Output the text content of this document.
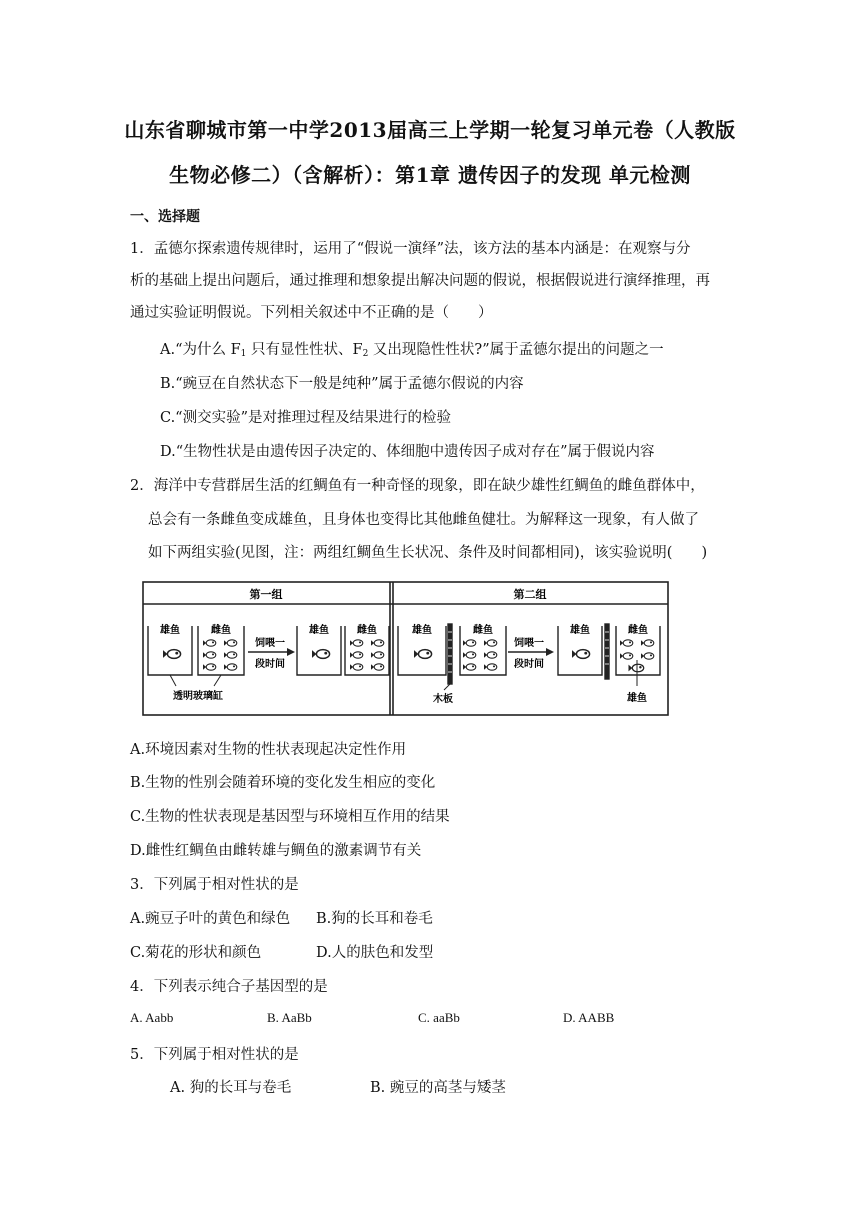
山东省聊城市第一中学2013届高三上学期一轮复习单元卷（人教版
生物必修二）（含解析）：第1章 遗传因子的发现 单元检测
一、选择题
1．孟德尔探索遗传规律时，运用了“假说一演绎”法，该方法的基本内涵是：在观察与分
析的基础上提出问题后，通过推理和想象提出解决问题的假说，根据假说进行演绎推理，再
通过实验证明假说。下列相关叙述中不正确的是（　　）
A.“为什么 $F_1$ 只有显性性状、$F_2$ 又出现隐性性状?”属于孟德尔提出的问题之一
B.“豌豆在自然状态下一般是纯种”属于孟德尔假说的内容
C.“测交实验”是对推理过程及结果进行的检验
D.“生物性状是由遗传因子决定的、体细胞中遗传因子成对存在”属于假说内容
2．海洋中专营群居生活的红鲷鱼有一种奇怪的现象，即在缺少雄性红鲷鱼的雌鱼群体中，
总会有一条雌鱼变成雄鱼，且身体也变得比其他雌鱼健壮。为解释这一现象，有人做了
如下两组实验(见图，注：两组红鲷鱼生长状况、条件及时间都相同)，该实验说明(　　)
第一组	第二组
雄鱼	雌鱼	雄鱼	雌鱼
饲喂一
段时间
透明玻璃缸
雄鱼	雌鱼	雄鱼	雌鱼
饲喂一
段时间
木板	雄鱼
A.环境因素对生物的性状表现起决定性作用
B.生物的性别会随着环境的变化发生相应的变化
C.生物的性状表现是基因型与环境相互作用的结果
D.雌性红鲷鱼由雌转雄与鲷鱼的激素调节有关
3．下列属于相对性状的是
A.豌豆子叶的黄色和绿色 B.狗的长耳和卷毛
C.菊花的形状和颜色	D.人的肤色和发型
4．下列表示纯合子基因型的是
A. Aabb	B. AaBb	C. aaBb	D. AABB
5．下列属于相对性状的是
A. 狗的长耳与卷毛	B. 豌豆的高茎与矮茎
